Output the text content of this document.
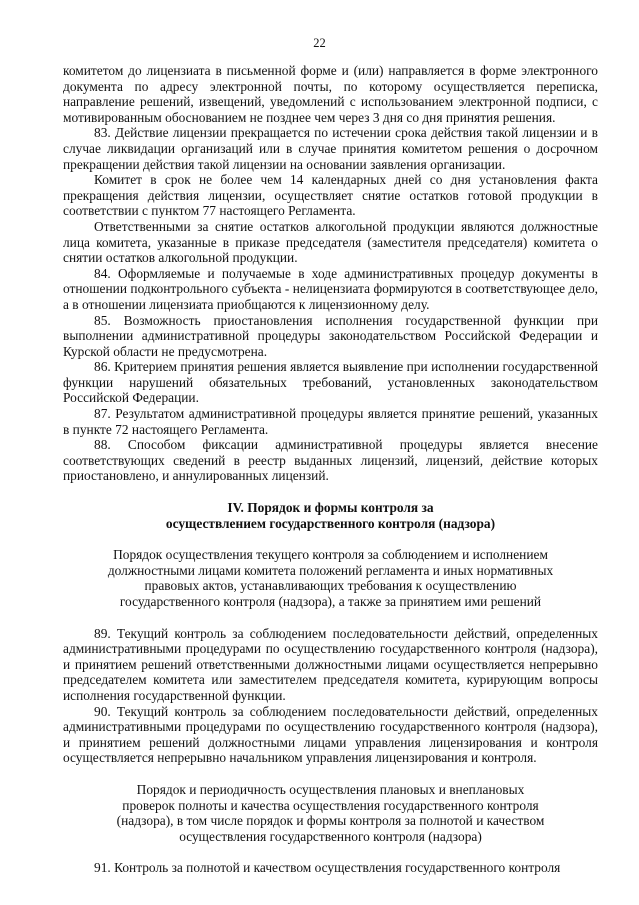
22

комитетом до лицензиата в письменной форме и (или) направляется в форме электронного документа по адресу электронной почты, по которому осуществляется переписка, направление решений, извещений, уведомлений с использованием электронной подписи, с мотивированным обоснованием не позднее чем через 3 дня со дня принятия решения.

83. Действие лицензии прекращается по истечении срока действия такой лицензии и в случае ликвидации организаций или в случае принятия комитетом решения о досрочном прекращении действия такой лицензии на основании заявления организации.

Комитет в срок не более чем 14 календарных дней со дня установления факта прекращения действия лицензии, осуществляет снятие остатков готовой продукции в соответствии с пунктом 77 настоящего Регламента.

Ответственными за снятие остатков алкогольной продукции являются должностные лица комитета, указанные в приказе председателя (заместителя председателя) комитета о снятии остатков алкогольной продукции.

84. Оформляемые и получаемые в ходе административных процедур документы в отношении подконтрольного субъекта - нелицензиата формируются в соответствующее дело, а в отношении лицензиата приобщаются к лицензионному делу.

85. Возможность приостановления исполнения государственной функции при выполнении административной процедуры законодательством Российской Федерации и Курской области не предусмотрена.

86. Критерием принятия решения является выявление при исполнении государственной функции нарушений обязательных требований, установленных законодательством Российской Федерации.

87. Результатом административной процедуры является принятие решений, указанных в пункте 72 настоящего Регламента.

88. Способом фиксации административной процедуры является внесение соответствующих сведений в реестр выданных лицензий, лицензий, действие которых приостановлено, и аннулированных лицензий.

IV. Порядок и формы контроля за

осуществлением государственного контроля (надзора)

Порядок осуществления текущего контроля за соблюдением и исполнением должностными лицами комитета положений регламента и иных нормативных правовых актов, устанавливающих требования к осуществлению государственного контроля (надзора), а также за принятием ими решений

89. Текущий контроль за соблюдением последовательности действий, определенных административными процедурами по осуществлению государственного контроля (надзора), и принятием решений ответственными должностными лицами осуществляется непрерывно председателем комитета или заместителем председателя комитета, курирующим вопросы исполнения государственной функции.

90. Текущий контроль за соблюдением последовательности действий, определенных административными процедурами по осуществлению государственного контроля (надзора), и принятием решений должностными лицами управления лицензирования и контроля осуществляется непрерывно начальником управления лицензирования и контроля.

Порядок и периодичность осуществления плановых и внеплановых проверок полноты и качества осуществления государственного контроля (надзора), в том числе порядок и формы контроля за полнотой и качеством осуществления государственного контроля (надзора)

91. Контроль за полнотой и качеством осуществления государственного контроля
